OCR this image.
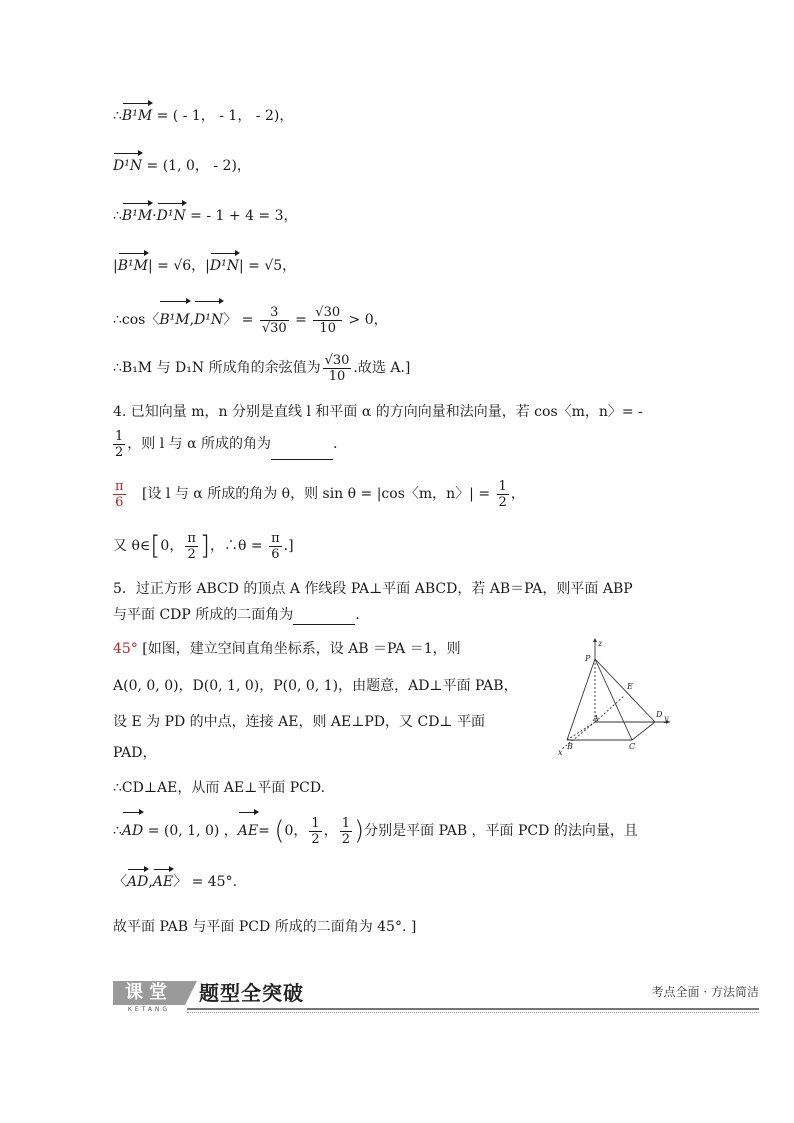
∴B¹M = ( - 1， - 1， - 2)，
D¹N = (1, 0， - 2)，
∴B¹M·D¹N = - 1 + 4 = 3，
|B¹M| = √6，|D¹N| = √5，
∴cos〈B¹M,D¹N〉 = $\frac{3}{√30} = \frac{√30}{10} > 0$，
∴B₁M 与 D₁N 所成角的余弦值为 $\frac{√30}{10}$ .故选 A.]
4. 已知向量 m，n 分别是直线 l 和平面 α 的方向向量和法向量，若 cos〈m，n〉= -
$\frac{1}{2}$ ，则 l 与 α 所成的角为	.
$\frac{\pi}{6}$ [设 l 与 α 所成的角为 θ，则 sin θ = |cos〈m，n〉| = $\frac{1}{2}$ ，
又 θ∈[0， $\frac{\pi}{2}$ ]，∴θ = $\frac{\pi}{6}$ .]
5．过正方形 ABCD 的顶点 A 作线段 PA⊥平面 ABCD，若 AB＝PA，则平面 ABP
与平面 CDP 所成的二面角为	.
45° [如图，建立空间直角坐标系，设 AB ＝PA ＝1，则
A(0, 0, 0)，D(0, 1, 0)，P(0, 0, 1)，由题意，AD⊥平面 PAB，
设 E 为 PD 的中点，连接 AE，则 AE⊥PD，又 CD⊥ 平面
PAD，
∴CD⊥AE，从而 AE⊥平面 PCD.
∴AD = (0, 1, 0) ，AE= (0， $\frac{1}{2}$ ， $\frac{1}{2}$ )分别是平面 PAB ，平面 PCD 的法向量，且
〈AD,AE〉 = 45°.
故平面 PAB 与平面 PCD 所成的二面角为 45°. ]
P
E
A	D
B	C
x
y
z
课堂
KETANG
题型全突破	考点全面 · 方法简洁
